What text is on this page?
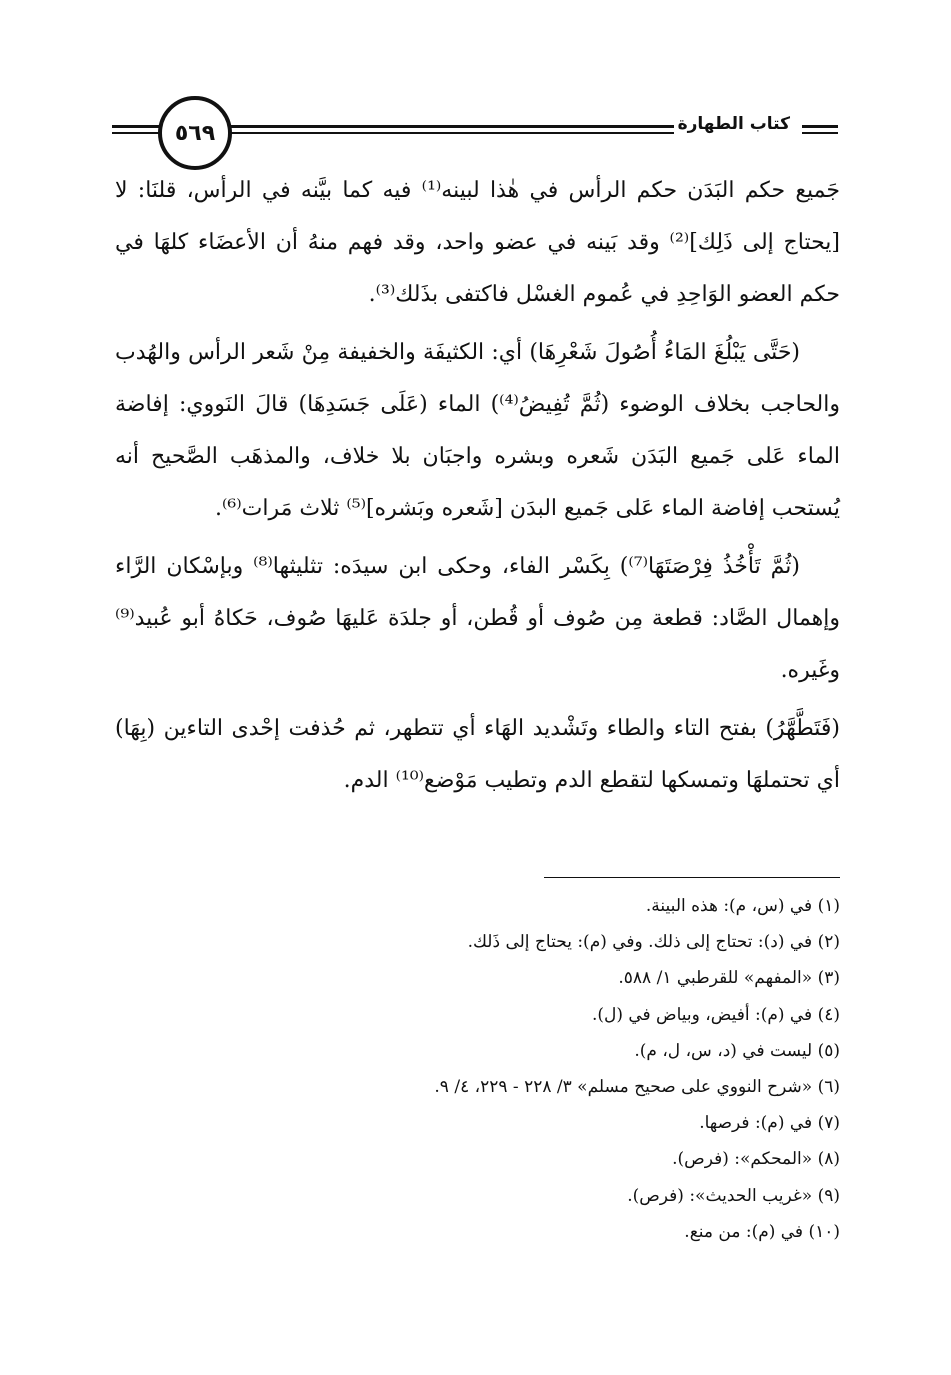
٥٦٩	كتاب الطهارة

جَميع حكم البَدَن حكم الرأس في هٰذا لبينه⁽¹⁾ فيه كما بيَّنه في الرأس، قلنَا: لا [يحتاج إلى ذَلِك]⁽²⁾ وقد بَينه في عضو واحد، وقد فهم منهُ أن الأعضَاء كلهَا في حكم العضو الوَاحِدِ في عُموم الغسْل فاكتفى بذَلك⁽³⁾.

(حَتَّى يَبْلُغَ المَاءُ أُصُولَ شَعْرِهَا) أي: الكثيفَة والخفيفة مِنْ شَعر الرأس والهُدب والحاجب بخلاف الوضوء (ثُمَّ تُفِيضُ⁽⁴⁾) الماء (عَلَى جَسَدِهَا) قالَ النَووي: إفاضة الماء عَلى جَميع البَدَن شَعره وبشره واجبَان بلا خلاف، والمذهَب الصَّحيح أنه يُستحب إفاضة الماء عَلى جَميع البدَن [شَعره وبَشره]⁽⁵⁾ ثلاث مَرات⁽⁶⁾.

(ثُمَّ تَأْخُذُ فِرْصَتَهَا⁽⁷⁾) بِكَسْر الفاء، وحكى ابن سيدَه: تثليثها⁽⁸⁾ وبإسْكان الرَّاء وإهمال الصَّاد: قطعة مِن صُوف أو قُطن، أو جلدَة عَليهَا صُوف، حَكاهُ أبو عُبيد⁽⁹⁾ وغَيره.

(فَتَطَّهَّرُ) بفتح التاء والطاء وتَشْديد الهَاء أي تتطهر، ثم حُذفت إحْدى التاءين (بِهَا) أي تحتملهَا وتمسكها لتقطع الدم وتطيب مَوْضع⁽¹⁰⁾ الدم.

(١) في (س، م): هذه البينة.
(٢) في (د): تحتاج إلى ذلك. وفي (م): يحتاج إلى ذَلك.
(٣) «المفهم» للقرطبي ١/ ٥٨٨.
(٤) في (م): أفيض، وبياض في (ل).
(٥) ليست في (د، س، ل، م).
(٦) «شرح النووي على صحيح مسلم» ٣/ ٢٢٨ - ٢٢٩، ٤/ ٩.
(٧) في (م): فرصها.
(٨) «المحكم»: (فرص).
(٩) «غريب الحديث»: (فرص).
(١٠) في (م): من منع.
